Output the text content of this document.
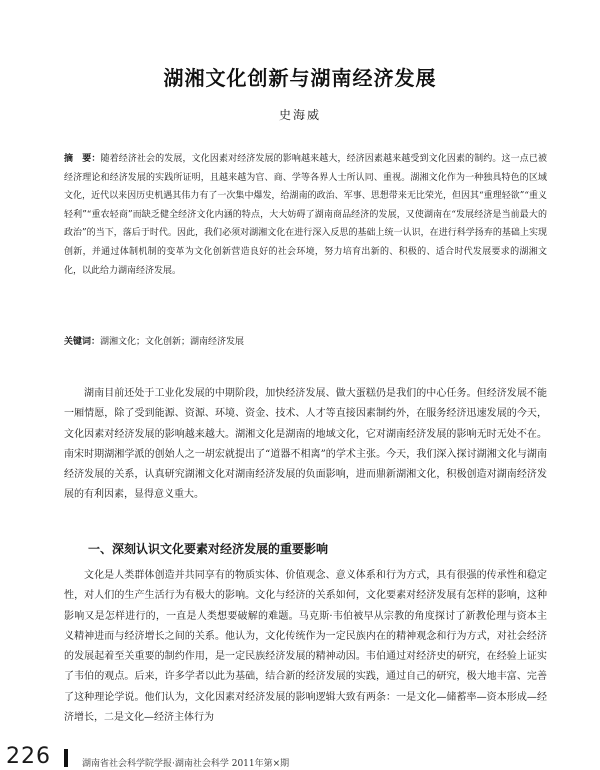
湖湘文化创新与湖南经济发展
史海威

摘　要：随着经济社会的发展，文化因素对经济发展的影响越来越大，经济因素越来越受到文化因素的制约。这一点已被经济理论和经济发展的实践所证明，且越来越为官、商、学等各界人士所认同、重视。湖湘文化作为一种独具特色的区域文化，近代以来因历史机遇其伟力有了一次集中爆发，给湖南的政治、军事、思想带来无比荣光，但因其“重理轻欲”“重义轻利”“重农轻商”而缺乏健全经济文化内涵的特点，大大妨碍了湖南商品经济的发展，又使湖南在“发展经济是当前最大的政治”的当下，落后于时代。因此，我们必须对湖湘文化在进行深入反思的基础上统一认识，在进行科学扬弃的基础上实现创新，并通过体制机制的变革为文化创新营造良好的社会环境，努力培育出新的、积极的、适合时代发展要求的湖湘文化，以此给力湖南经济发展。

关键词：湖湘文化；文化创新；湖南经济发展

湖南目前还处于工业化发展的中期阶段，加快经济发展、做大蛋糕仍是我们的中心任务。但经济发展不能一厢情愿，除了受到能源、资源、环境、资金、技术、人才等直接因素制约外，在服务经济迅速发展的今天，文化因素对经济发展的影响越来越大。湖湘文化是湖南的地域文化，它对湖南经济发展的影响无时无处不在。南宋时期湖湘学派的创始人之一胡宏就提出了“道器不相离”的学术主张。今天，我们深入探讨湖湘文化与湖南经济发展的关系，认真研究湖湘文化对湖南经济发展的负面影响，进而鼎新湖湘文化，积极创造对湖南经济发展的有利因素，显得意义重大。

一、深刻认识文化要素对经济发展的重要影响

文化是人类群体创造并共同享有的物质实体、价值观念、意义体系和行为方式，具有很强的传承性和稳定性，对人们的生产生活行为有极大的影响。文化与经济的关系如何，文化要素对经济发展有怎样的影响，这种影响又是怎样进行的，一直是人类想要破解的难题。马克斯·韦伯被早从宗教的角度探讨了新教伦理与资本主义精神进而与经济增长之间的关系。他认为，文化传统作为一定民族内在的精神观念和行为方式，对社会经济的发展起着至关重要的制约作用，是一定民族经济发展的精神动因。韦伯通过对经济史的研究，在经验上证实了韦伯的观点。后来，许多学者以此为基础，结合新的经济发展的实践，通过自己的研究，极大地丰富、完善了这种理论学说。他们认为，文化因素对经济发展的影响逻辑大致有两条：一是文化—储蓄率—资本形成—经济增长，二是文化—经济主体行为

226	湖南省社会科学院学报·湖南社会科学 2011年第×期
